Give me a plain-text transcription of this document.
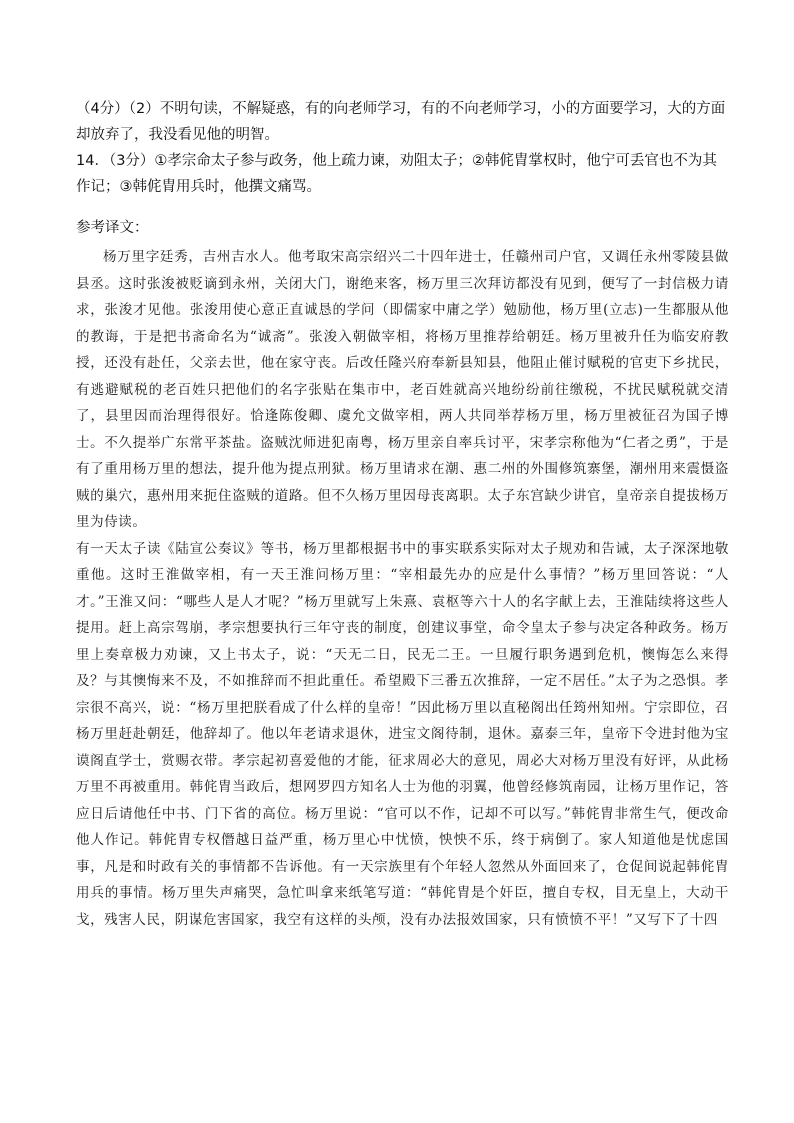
（4分）（2）不明句读，不解疑惑，有的向老师学习，有的不向老师学习，小的方面要学习，大的方面却放弃了，我没看见他的明智。

14．（3分）①孝宗命太子参与政务，他上疏力谏，劝阻太子；②韩侂胄掌权时，他宁可丢官也不为其作记；③韩侂胄用兵时，他撰文痛骂。

参考译文：

杨万里字廷秀，吉州吉水人。他考取宋高宗绍兴二十四年进士，任赣州司户官，又调任永州零陵县做县丞。这时张浚被贬谪到永州，关闭大门，谢绝来客，杨万里三次拜访都没有见到，便写了一封信极力请求，张浚才见他。张浚用使心意正直诚恳的学问（即儒家中庸之学）勉励他，杨万里(立志)一生都服从他的教诲，于是把书斋命名为“诚斋”。张浚入朝做宰相，将杨万里推荐给朝廷。杨万里被升任为临安府教授，还没有赴任，父亲去世，他在家守丧。后改任隆兴府奉新县知县，他阻止催讨赋税的官吏下乡扰民，有逃避赋税的老百姓只把他们的名字张贴在集市中，老百姓就高兴地纷纷前往缴税，不扰民赋税就交清了，县里因而治理得很好。恰逢陈俊卿、虞允文做宰相，两人共同举荐杨万里，杨万里被征召为国子博士。不久提举广东常平茶盐。盗贼沈师进犯南粤，杨万里亲自率兵讨平，宋孝宗称他为“仁者之勇”，于是有了重用杨万里的想法，提升他为提点刑狱。杨万里请求在潮、惠二州的外围修筑寨堡，潮州用来震慑盗贼的巢穴，惠州用来扼住盗贼的道路。但不久杨万里因母丧离职。太子东宫缺少讲官，皇帝亲自提拔杨万里为侍读。

有一天太子读《陆宣公奏议》等书，杨万里都根据书中的事实联系实际对太子规劝和告诫，太子深深地敬重他。这时王淮做宰相，有一天王淮问杨万里：“宰相最先办的应是什么事情？”杨万里回答说：“人才。”王淮又问：“哪些人是人才呢？”杨万里就写上朱熹、袁枢等六十人的名字献上去，王淮陆续将这些人提用。赶上高宗驾崩，孝宗想要执行三年守丧的制度，创建议事堂，命令皇太子参与决定各种政务。杨万里上奏章极力劝谏，又上书太子，说：“天无二日，民无二王。一旦履行职务遇到危机，懊悔怎么来得及？与其懊悔来不及，不如推辞而不担此重任。希望殿下三番五次推辞，一定不居任。”太子为之恐惧。孝宗很不高兴，说：“杨万里把朕看成了什么样的皇帝！”因此杨万里以直秘阁出任筠州知州。宁宗即位，召杨万里赶赴朝廷，他辞却了。他以年老请求退休，进宝文阁待制，退休。嘉泰三年，皇帝下令进封他为宝谟阁直学士，赏赐衣带。孝宗起初喜爱他的才能，征求周必大的意见，周必大对杨万里没有好评，从此杨万里不再被重用。韩侂胄当政后，想网罗四方知名人士为他的羽翼，他曾经修筑南园，让杨万里作记，答应日后请他任中书、门下省的高位。杨万里说：“官可以不作，记却不可以写。”韩侂胄非常生气，便改命他人作记。韩侂胄专权僭越日益严重，杨万里心中忧愤，怏怏不乐，终于病倒了。家人知道他是忧虑国事，凡是和时政有关的事情都不告诉他。有一天宗族里有个年轻人忽然从外面回来了，仓促间说起韩侂胄用兵的事情。杨万里失声痛哭，急忙叫拿来纸笔写道：“韩侂胄是个奸臣，擅自专权，目无皇上，大动干戈，残害人民，阴谋危害国家，我空有这样的头颅，没有办法报效国家，只有愤愤不平！”又写下了十四
